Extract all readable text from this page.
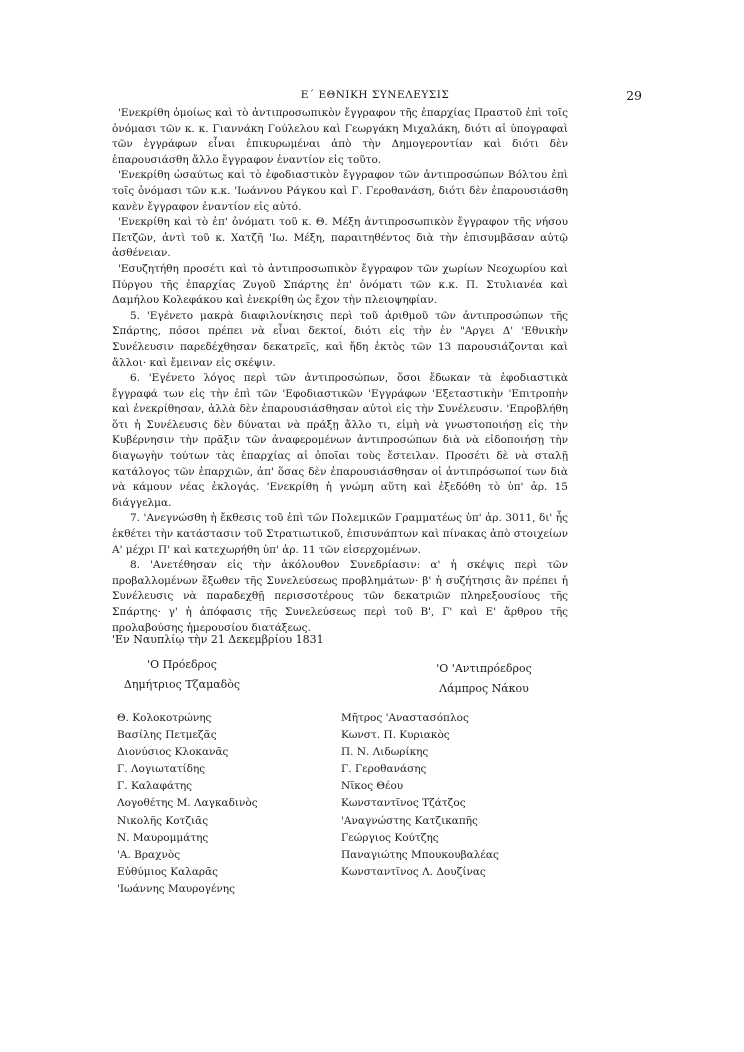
Ε΄ ΕΘΝΙΚΗ ΣΥΝΕΛΕΥΣΙΣ	29

'Ενεκρίθη ὁμοίως καὶ τὸ ἀντιπροσωπικὸν ἔγγραφον τῆς ἐπαρχίας Πραστοῦ ἐπὶ τοῖς ὀνόμασι τῶν κ. κ. Γιαννάκη Γούλελου καὶ Γεωργάκη Μιχαλάκη, διότι αἱ ὑπογραφαὶ τῶν ἐγγράφων εἶναι ἐπικυρωμέναι ἀπὸ τὴν Δημογεροντίαν καὶ διότι δὲν ἐπαρουσιάσθη ἄλλο ἔγγραφον ἐναντίον εἰς τοῦτο.

'Ενεκρίθη ὡσαύτως καὶ τὸ ἐφοδιαστικὸν ἔγγραφον τῶν ἀντιπροσώπων Βόλτου ἐπὶ τοῖς ὀνόμασι τῶν κ.κ. 'Ιωάννου Ράγκου καὶ Γ. Γεροθανάση, διότι δὲν ἐπαρουσιάσθη κανὲν ἔγγραφον ἐναντίον εἰς αὐτό.

'Ενεκρίθη καὶ τὸ ἐπ' ὀνόματι τοῦ κ. Θ. Μέξη ἀντιπροσωπικὸν ἔγγραφον τῆς νήσου Πετζῶν, ἀντὶ τοῦ κ. Χατζῆ 'Ιω. Μέξη, παραιτηθέντος διὰ τὴν ἐπισυμβᾶσαν αὐτῷ ἀσθένειαν.

'Εσυζητήθη προσέτι καὶ τὸ ἀντιπροσωπικὸν ἔγγραφον τῶν χωρίων Νεοχωρίου καὶ Πύργου τῆς ἐπαρχίας Ζυγοῦ Σπάρτης ἐπ' ὀνόματι τῶν κ.κ. Π. Στυλιανέα καὶ Δαμήλου Κολεφάκου καὶ ἐνεκρίθη ὡς ἔχον τὴν πλειοψηφίαν.

5. 'Εγένετο μακρὰ διαφιλονίκησις περὶ τοῦ ἀριθμοῦ τῶν ἀντιπροσώπων τῆς Σπάρτης, πόσοι πρέπει νὰ εἶναι δεκτοί, διότι εἰς τὴν ἐν "Αργει Δ' 'Εθνικὴν Συνέλευσιν παρεδέχθησαν δεκατρεῖς, καὶ ἤδη ἐκτὸς τῶν 13 παρουσιάζονται καὶ ἄλλοι· καὶ ἔμειναν εἰς σκέψιν.

6. 'Εγένετο λόγος περὶ τῶν ἀντιπροσώπων, ὅσοι ἔδωκαν τὰ ἐφοδιαστικὰ ἔγγραφά των εἰς τὴν ἐπὶ τῶν 'Εφοδιαστικῶν 'Εγγράφων 'Εξεταστικὴν 'Επιτροπὴν καὶ ἐνεκρίθησαν, ἀλλὰ δὲν ἐπαρουσιάσθησαν αὐτοὶ εἰς τὴν Συνέλευσιν. 'Επροβλήθη ὅτι ἡ Συνέλευσις δὲν δύναται νὰ πράξῃ ἄλλο τι, εἰμὴ νὰ γνωστοποιήσῃ εἰς τὴν Κυβέρνησιν τὴν πρᾶξιν τῶν ἀναφερομένων ἀντιπροσώπων διὰ νὰ εἰδοποιήσῃ τὴν διαγωγὴν τούτων τὰς ἐπαρχίας αἱ ὁποῖαι τοὺς ἔστειλαν. Προσέτι δὲ νὰ σταλῇ κατάλογος τῶν ἐπαρχιῶν, ἀπ' ὅσας δὲν ἐπαρουσιάσθησαν οἱ ἀντιπρόσωποί των διὰ νὰ κάμουν νέας ἐκλογάς. 'Ενεκρίθη ἡ γνώμη αὕτη καὶ ἐξεδόθη τὸ ὑπ' ἀρ. 15 διάγγελμα.

7. 'Ανεγνώσθη ἡ ἔκθεσις τοῦ ἐπὶ τῶν Πολεμικῶν Γραμματέως ὑπ' ἀρ. 3011, δι' ἧς ἐκθέτει τὴν κατάστασιν τοῦ Στρατιωτικοῦ, ἐπισυνάπτων καὶ πίνακας ἀπὸ στοιχείων Α' μέχρι Π' καὶ κατεχωρήθη ὑπ' ἀρ. 11 τῶν εἰσερχομένων.

8. 'Ανετέθησαν εἰς τὴν ἀκόλουθον Συνεδρίασιν: α' ἡ σκέψις περὶ τῶν προβαλλομένων ἔξωθεν τῆς Συνελεύσεως προβλημάτων· β' ἡ συζήτησις ἂν πρέπει ἡ Συνέλευσις νὰ παραδεχθῇ περισσοτέρους τῶν δεκατριῶν πληρεξουσίους τῆς Σπάρτης· γ' ἡ ἀπόφασις τῆς Συνελεύσεως περὶ τοῦ Β', Γ' καὶ Ε' ἄρθρου τῆς προλαβούσης ἡμερουσίου διατάξεως.

'Εν Ναυπλίῳ τὴν 21 Δεκεμβρίου 1831
'Ο Πρόεδρος
Δημήτριος Τζαμαδὸς
'Ο 'Αντιπρόεδρος
Λάμπρος Νάκου
Θ. Κολοκοτρώνης
Βασίλης Πετμεζᾶς
Διονύσιος Κλοκανᾶς
Γ. Λογιωτατίδης
Γ. Καλαφάτης
Λογοθέτης Μ. Λαγκαδινὸς
Νικολῆς Κοτζιᾶς
Ν. Μαυρομμάτης
'Α. Βραχνὸς
Εὐθύμιος Καλαρᾶς
'Ιωάννης Μαυρογένης
Μῆτρος 'Αναστασόπλος
Κωνστ. Π. Κυριακὸς
Π. Ν. Λιδωρίκης
Γ. Γεροθανάσης
Νῖκος Θέου
Κωνσταντῖνος Τζάτζος
'Αναγνώστης Κατζικαπῆς
Γεώργιος Κούτζης
Παναγιώτης Μπουκουβαλέας
Κωνσταντῖνος Λ. Δουζίνας
